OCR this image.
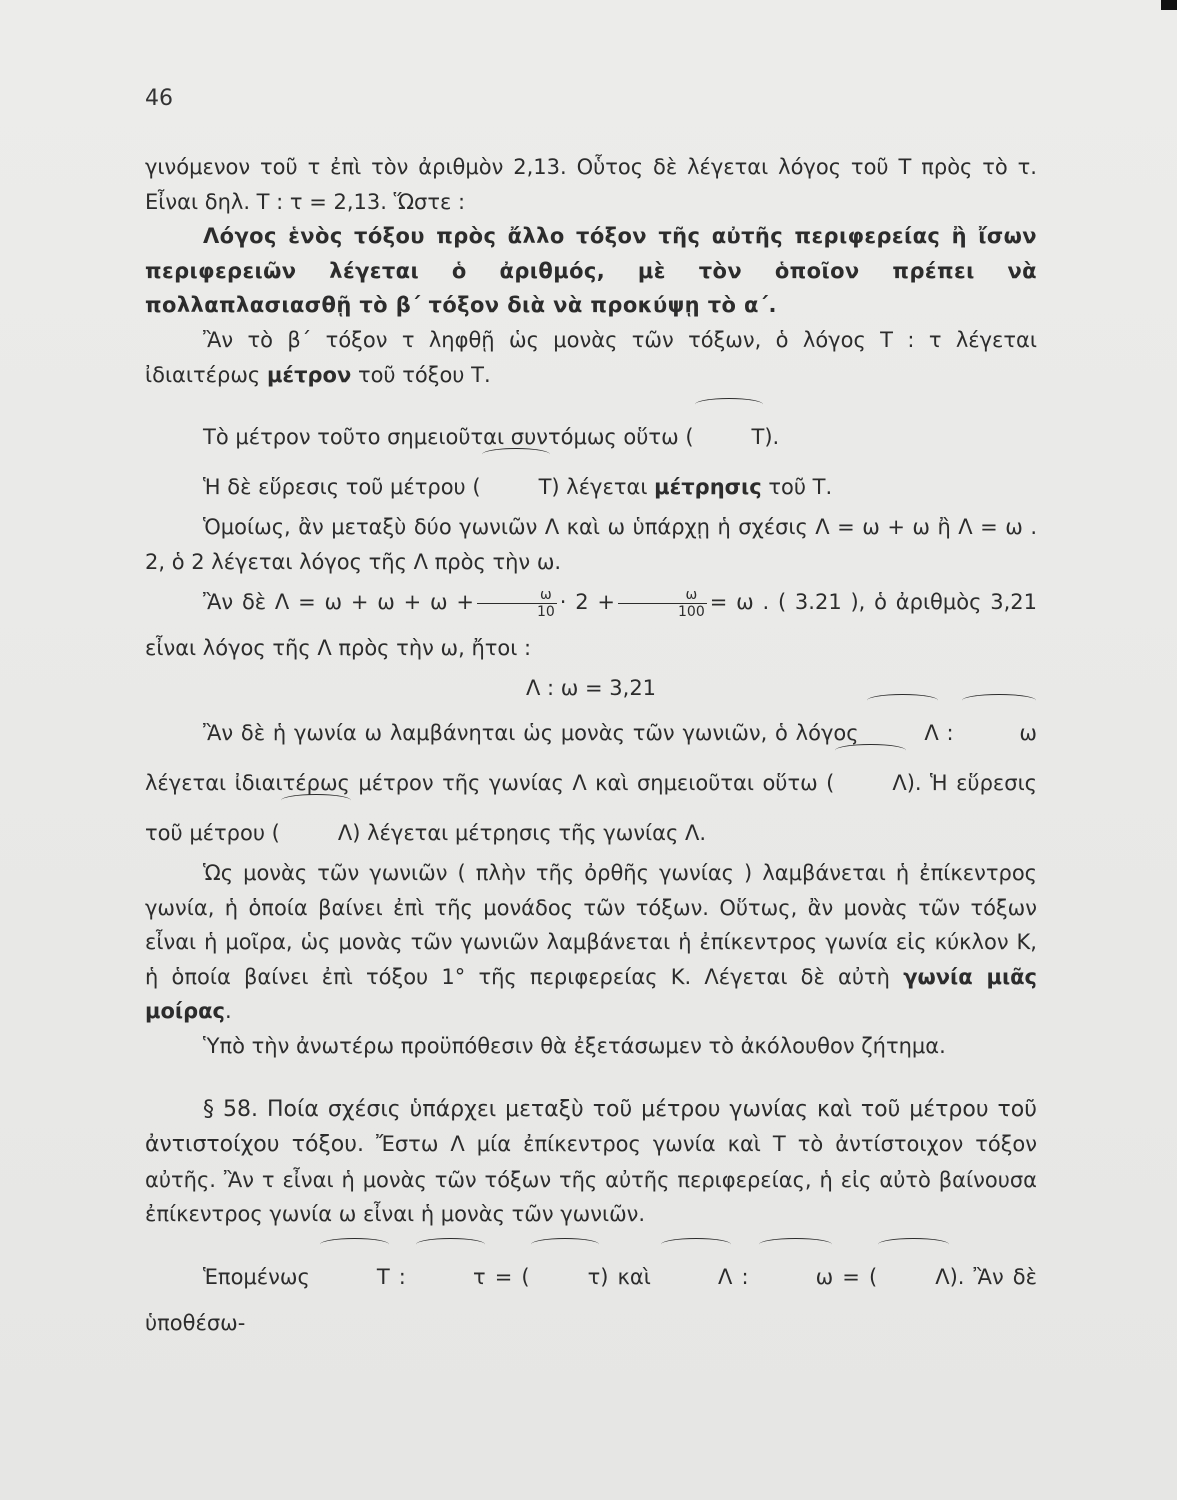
46

γινόμενον τοῦ τ ἐπὶ τὸν ἀριθμὸν 2,13. Οὗτος δὲ λέγεται λόγος τοῦ Τ πρὸς τὸ τ. Εἶναι δηλ. Τ : τ = 2,13. Ὥστε :

Λόγος ἑνὸς τόξου πρὸς ἄλλο τόξον τῆς αὐτῆς περιφερείας ἢ ἴσων περιφερειῶν λέγεται ὁ ἀριθμός, μὲ τὸν ὁποῖον πρέπει νὰ πολλαπλασιασθῇ τὸ β΄ τόξον διὰ νὰ προκύψῃ τὸ α΄.

Ἂν τὸ β΄ τόξον τ ληφθῇ ὡς μονὰς τῶν τόξων, ὁ λόγος Τ : τ λέγεται ἰδιαιτέρως μέτρον τοῦ τόξου Τ.

Τὸ μέτρον τοῦτο σημειοῦται συντόμως οὕτω (	Τ).

Ἡ δὲ εὕρεσις τοῦ μέτρου (	Τ) λέγεται μέτρησις τοῦ Τ.

Ὁμοίως, ἂν μεταξὺ δύο γωνιῶν Λ καὶ ω ὑπάρχῃ ἡ σχέσις Λ = ω + ω ἢ Λ = ω . 2, ὁ 2 λέγεται λόγος τῆς Λ πρὸς τὴν ω.

Ἂν δὲ $\Lambda = \omega + \omega + \omega + \frac{\omega}{10} \cdot 2 + \frac{\omega}{100} = \omega$ . ( 3.21 ), ὁ ἀριθμὸς 3,21 εἶναι λόγος τῆς Λ πρὸς τὴν ω, ἤτοι :

Λ : ω = 3,21

Ἂν δὲ ἡ γωνία ω λαμβάνηται ὡς μονὰς τῶν γωνιῶν, ὁ λόγος	Λ :	ω λέγεται ἰδιαιτέρως μέτρον τῆς γωνίας Λ καὶ σημειοῦται οὕτω (	Λ). Ἡ εὕρεσις τοῦ μέτρου (	Λ) λέγεται μέτρησις τῆς γωνίας Λ.

Ὡς μονὰς τῶν γωνιῶν ( πλὴν τῆς ὀρθῆς γωνίας ) λαμβάνεται ἡ ἐπίκεντρος γωνία, ἡ ὁποία βαίνει ἐπὶ τῆς μονάδος τῶν τόξων. Οὕτως, ἂν μονὰς τῶν τόξων εἶναι ἡ μοῖρα, ὡς μονὰς τῶν γωνιῶν λαμβάνεται ἡ ἐπίκεντρος γωνία εἰς κύκλον Κ, ἡ ὁποία βαίνει ἐπὶ τόξου 1° τῆς περιφερείας Κ. Λέγεται δὲ αὐτὴ γωνία μιᾶς μοίρας.

Ὑπὸ τὴν ἀνωτέρω προϋπόθεσιν θὰ ἐξετάσωμεν τὸ ἀκόλουθον ζήτημα.

§ 58. Ποία σχέσις ὑπάρχει μεταξὺ τοῦ μέτρου γωνίας καὶ τοῦ μέτρου τοῦ ἀντιστοίχου τόξου. Ἔστω Λ μία ἐπίκεντρος γωνία καὶ Τ τὸ ἀντίστοιχον τόξον αὐτῆς. Ἂν τ εἶναι ἡ μονὰς τῶν τόξων τῆς αὐτῆς περιφερείας, ἡ εἰς αὐτὸ βαίνουσα ἐπίκεντρος γωνία ω εἶναι ἡ μονὰς τῶν γωνιῶν.

Ἑπομένως	Τ :	τ = (	τ) καὶ	Λ :	ω = (	Λ). Ἂν δὲ ὑποθέσω-
